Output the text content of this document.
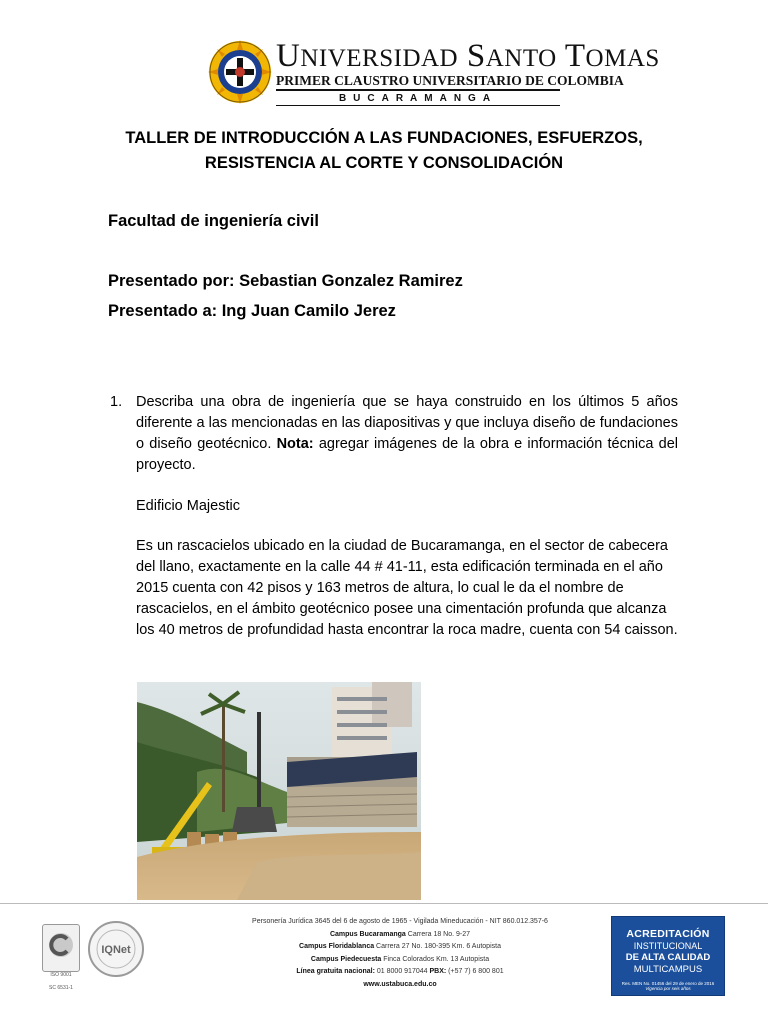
UNIVERSIDAD SANTO TOMAS
PRIMER CLAUSTRO UNIVERSITARIO DE COLOMBIA
BUCARAMANGA
TALLER DE INTRODUCCIÓN A LAS FUNDACIONES, ESFUERZOS,
RESISTENCIA AL CORTE Y CONSOLIDACIÓN
Facultad de ingeniería civil
Presentado por: Sebastian Gonzalez Ramirez
Presentado a: Ing Juan Camilo Jerez
1. Describa una obra de ingeniería que se haya construido en los últimos 5 años diferente a las mencionadas en las diapositivas y que incluya diseño de fundaciones o diseño geotécnico. Nota: agregar imágenes de la obra e información técnica del proyecto.
Edificio Majestic
Es un rascacielos ubicado en la ciudad de Bucaramanga, en el sector de cabecera del llano, exactamente en la calle 44 # 41-11, esta edificación terminada en el año 2015 cuenta con 42 pisos y 163 metros de altura, lo cual le da el nombre de rascacielos, en el ámbito geotécnico posee una cimentación profunda que alcanza los 40 metros de profundidad hasta encontrar la roca madre, cuenta con 54 caisson.
ISO 9001
SC 6531-1
IQNet
Personería Jurídica 3645 del 6 de agosto de 1965 - Vigilada Mineducación - NIT 860.012.357-6
Campus Bucaramanga Carrera 18 No. 9-27
Campus Floridablanca Carrera 27 No. 180-395 Km. 6 Autopista
Campus Piedecuesta Finca Colorados Km. 13 Autopista
Línea gratuita nacional: 01 8000 917044 PBX: (+57 7) 6 800 801
www.ustabuca.edu.co
ACREDITACIÓN
INSTITUCIONAL
DE ALTA CALIDAD
MULTICAMPUS
Res. MEN No. 01456 del 29 de enero de 2016
Vigencia por seis años
